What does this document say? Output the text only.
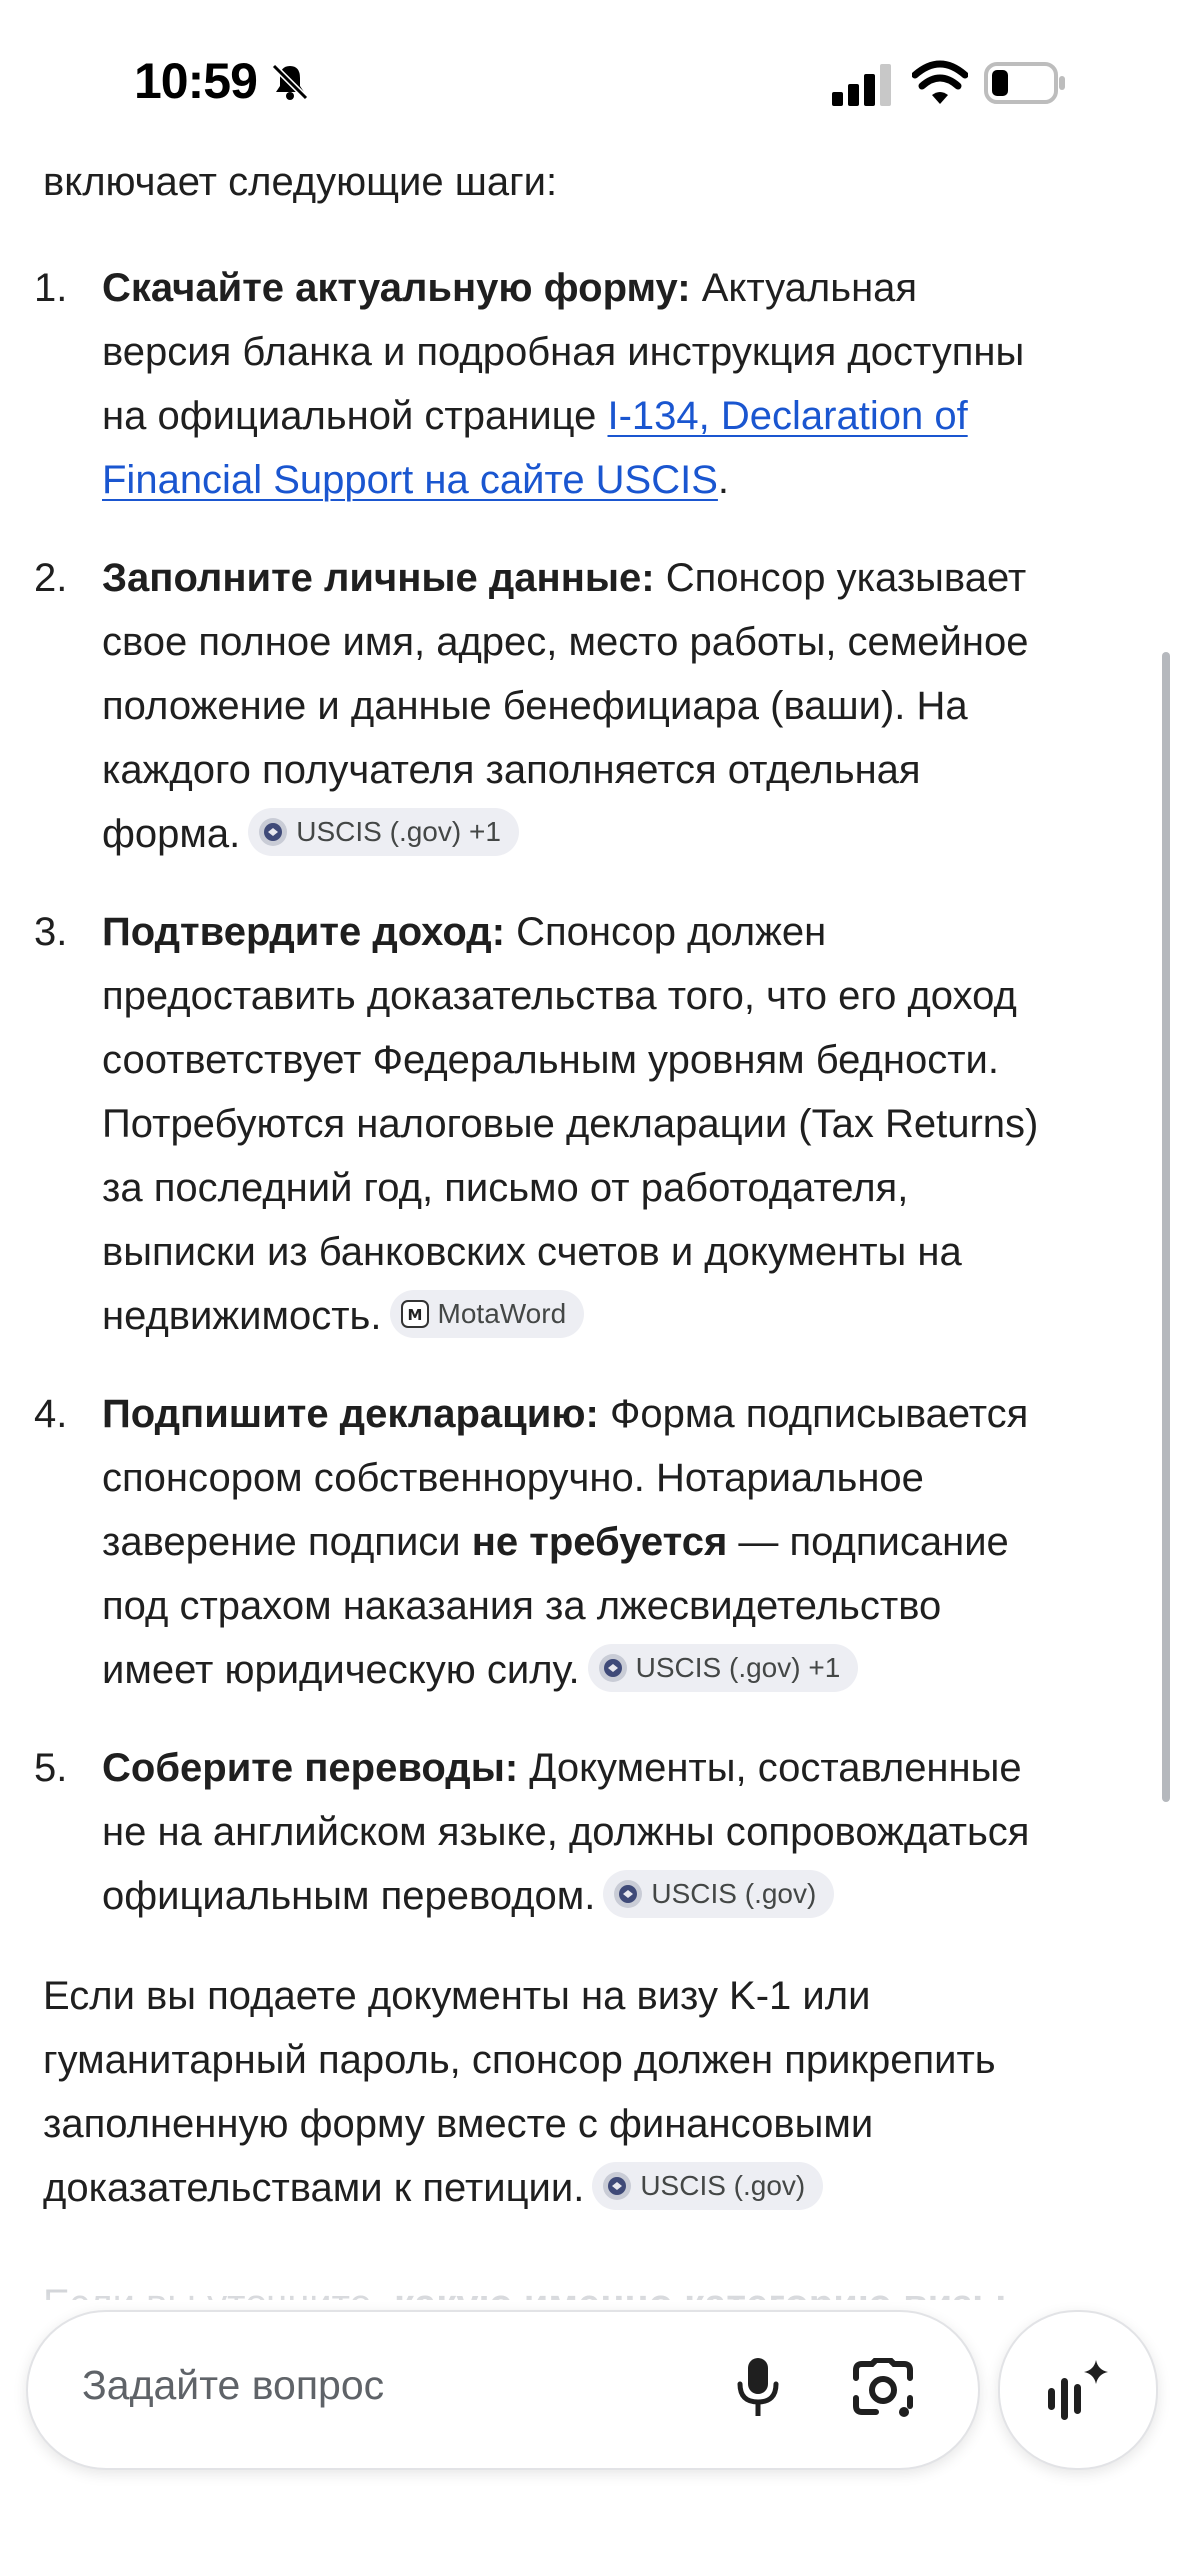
включает следующие шаги:
1. Скачайте актуальную форму: Актуальная
версия бланка и подробная инструкция доступны
на официальной странице I-134, Declaration of
Financial Support на сайте USCIS.
2. Заполните личные данные: Спонсор указывает
свое полное имя, адрес, место работы, семейное
положение и данные бенефициара (ваши). На
каждого получателя заполняется отдельная
форма. USCIS (.gov) +1
3. Подтвердите доход: Спонсор должен
предоставить доказательства того, что его доход
соответствует Федеральным уровням бедности.
Потребуются налоговые декларации (Tax Returns)
за последний год, письмо от работодателя,
выписки из банковских счетов и документы на
недвижимость. M MotaWord
4. Подпишите декларацию: Форма подписывается
спонсором собственноручно. Нотариальное
заверение подписи не требуется — подписание
под страхом наказания за лжесвидетельство
имеет юридическую силу. USCIS (.gov) +1
5. Соберите переводы: Документы, составленные
не на английском языке, должны сопровождаться
официальным переводом. USCIS (.gov)
Если вы подаете документы на визу K-1 или
гуманитарный пароль, спонсор должен прикрепить
заполненную форму вместе с финансовыми
доказательствами к петиции. USCIS (.gov)
Задайте вопрос
10:59
